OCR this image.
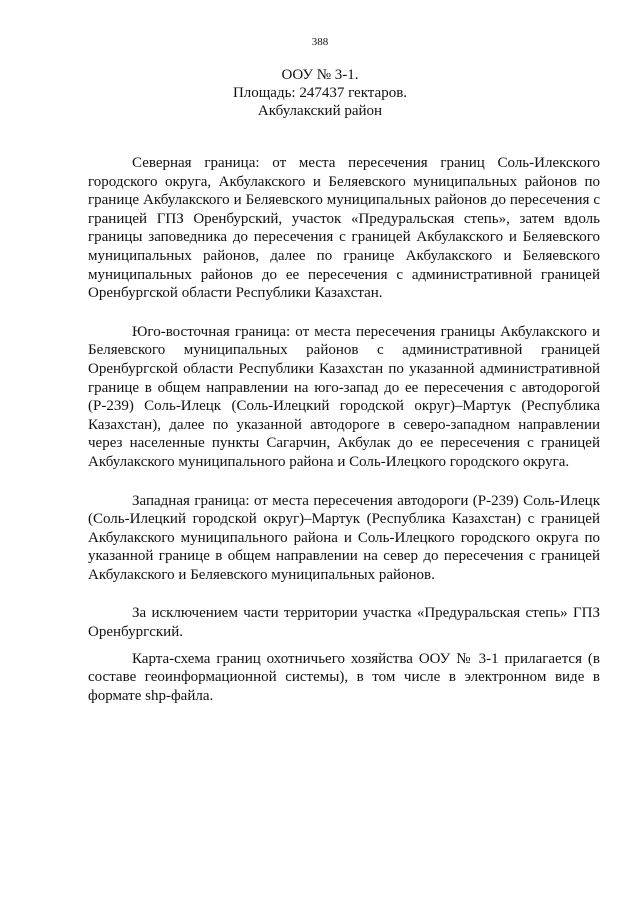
388
ООУ № 3-1.
Площадь: 247437 гектаров.
Акбулакский район

Северная граница: от места пересечения границ Соль-Илекского городского округа, Акбулакского и Беляевского муниципальных районов по границе Акбулакского и Беляевского муниципальных районов до пересечения с границей ГПЗ Оренбурский, участок «Предуральская степь», затем вдоль границы заповедника до пересечения с границей Акбулакского и Беляевского муниципальных районов, далее по границе Акбулакского и Беляевского муниципальных районов до ее пересечения с административной границей Оренбургской области Республики Казахстан.

Юго-восточная граница: от места пересечения границы Акбулакского и Беляевского муниципальных районов с административной границей Оренбургской области Республики Казахстан по указанной административной границе в общем направлении на юго-запад до ее пересечения с автодорогой (Р-239) Соль-Илецк (Соль-Илецкий городской округ)–Мартук (Республика Казахстан), далее по указанной автодороге в северо-западном направлении через населенные пункты Сагарчин, Акбулак до ее пересечения с границей Акбулакского муниципального района и Соль-Илецкого городского округа.

Западная граница: от места пересечения автодороги (Р-239) Соль-Илецк (Соль-Илецкий городской округ)–Мартук (Республика Казахстан) с границей Акбулакского муниципального района и Соль-Илецкого городского округа по указанной границе в общем направлении на север до пересечения с границей Акбулакского и Беляевского муниципальных районов.

За исключением части территории участка «Предуральская степь» ГПЗ Оренбургский.

Карта-схема границ охотничьего хозяйства ООУ № 3-1 прилагается (в составе геоинформационной системы), в том числе в электронном виде в формате shp-файла.
